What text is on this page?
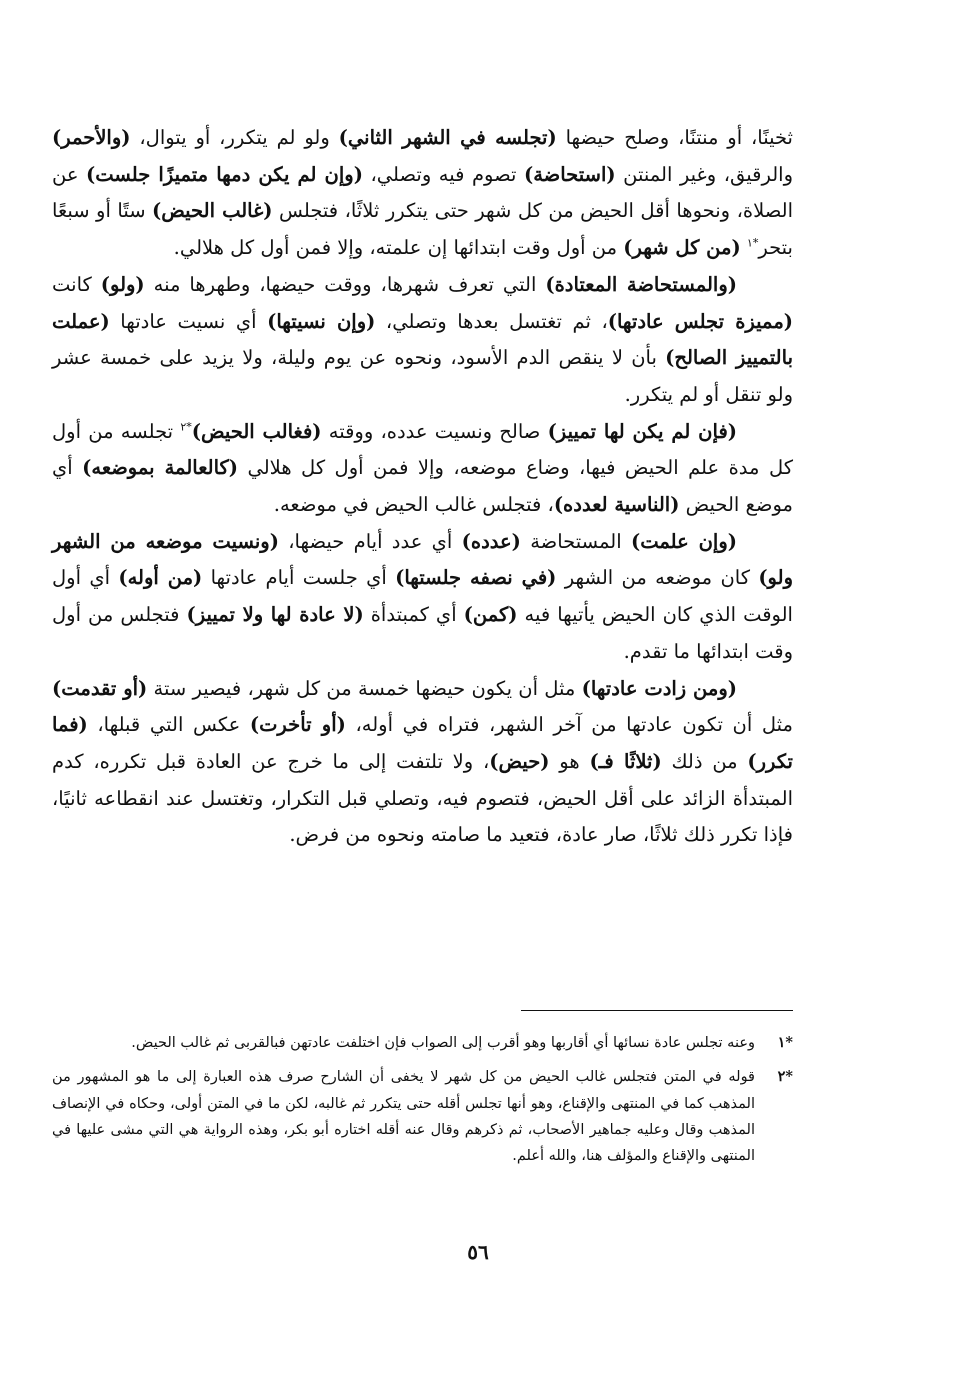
ثخينًا، أو منتنًا، وصلح حيضها (تجلسه في الشهر الثاني) ولو لم يتكرر، أو يتوال، (والأحمر) والرقيق، وغير المنتن (استحاضة) تصوم فيه وتصلي، (وإن لم يكن دمها متميزًا جلست) عن الصلاة، ونحوها أقل الحيض من كل شهر حتى يتكرر ثلاثًا، فتجلس (غالب الحيض) ستًا أو سبعًا بتحر$^{*١}$ (من كل شهر) من أول وقت ابتدائها إن علمته، وإلا فمن أول كل هلالي.

(والمستحاضة المعتادة) التي تعرف شهرها، ووقت حيضها، وطهرها منه (ولو) كانت (مميزة تجلس عادتها)، ثم تغتسل بعدها وتصلي، (وإن نسيتها) أي نسيت عادتها (عملت بالتمييز الصالح) بأن لا ينقص الدم الأسود، ونحوه عن يوم وليلة، ولا يزيد على خمسة عشر ولو تنقل أو لم يتكرر.

(فإن لم يكن لها تمييز) صالح ونسيت عدده، ووقته (فغالب الحيض)$^{*٢}$ تجلسه من أول كل مدة علم الحيض فيها، وضاع موضعه، وإلا فمن أول كل هلالي (كالعالمة بموضعه) أي موضع الحيض (الناسية لعدده)، فتجلس غالب الحيض في موضعه.

(وإن علمت) المستحاضة (عدده) أي عدد أيام حيضها، (ونسيت موضعه من الشهر ولو) كان موضعه من الشهر (في نصفه جلستها) أي جلست أيام عادتها (من أوله) أي أول الوقت الذي كان الحيض يأتيها فيه (كمن) أي كمبتدأة (لا عادة لها ولا تمييز) فتجلس من أول وقت ابتدائها ما تقدم.

(ومن زادت عادتها) مثل أن يكون حيضها خمسة من كل شهر، فيصير ستة (أو تقدمت) مثل أن تكون عادتها من آخر الشهر، فتراه في أوله، (أو تأخرت) عكس التي قبلها، (فما تكرر) من ذلك (ثلاثًا فـ) هو (حيض)، ولا تلتفت إلى ما خرج عن العادة قبل تكرره، كدم المبتدأة الزائد على أقل الحيض، فتصوم فيه، وتصلي قبل التكرار، وتغتسل عند انقطاعه ثانيًا، فإذا تكرر ذلك ثلاثًا، صار عادة، فتعيد ما صامته ونحوه من فرض.

*١
وعنه تجلس عادة نسائها أي أقاربها وهو أقرب إلى الصواب فإن اختلفت عادتهن فبالقربى ثم غالب الحيض.
*٢
قوله في المتن فتجلس غالب الحيض من كل شهر لا يخفى أن الشارح صرف هذه العبارة إلى ما هو المشهور من المذهب كما في المنتهى والإقناع، وهو أنها تجلس أقله حتى يتكرر ثم غالبه، لكن ما في المتن أولى، وحكاه في الإنصاف المذهب وقال وعليه جماهير الأصحاب، ثم ذكرهم وقال عنه أقله اختاره أبو بكر، وهذه الرواية هي التي مشى عليها في المنتهى والإقناع والمؤلف هنا، والله أعلم.
٥٦
